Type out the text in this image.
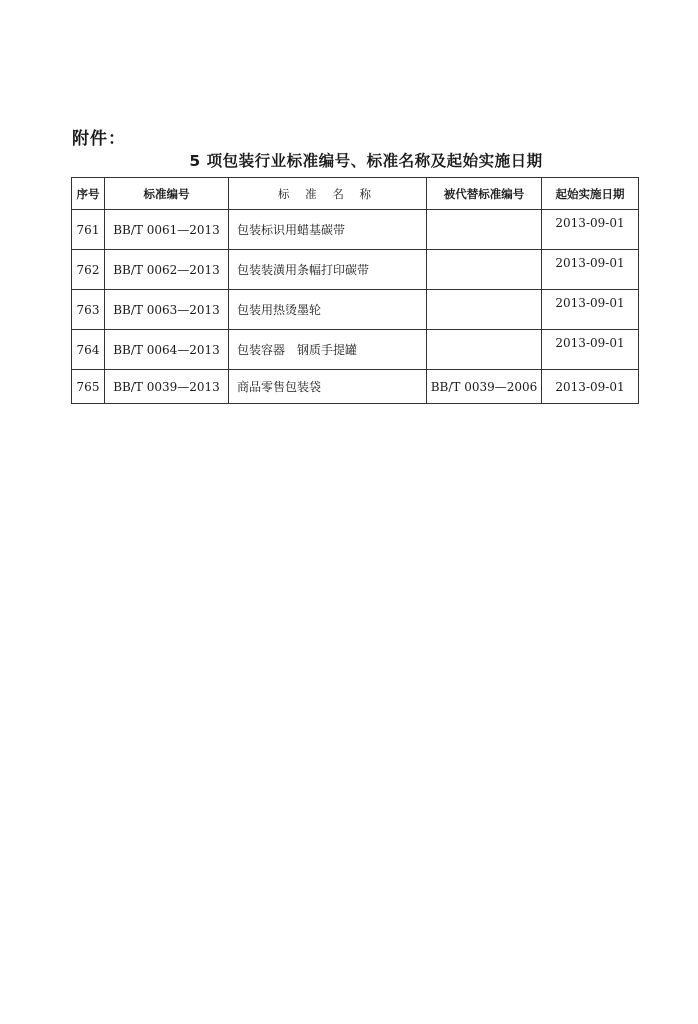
附件：
5 项包装行业标准编号、标准名称及起始实施日期
序号	标准编号	标 准 名 称	被代替标准编号	起始实施日期
761	BB/T 0061—2013	包装标识用蜡基碳带		2013-09-01
762	BB/T 0062—2013	包装装潢用条幅打印碳带		2013-09-01
763	BB/T 0063—2013	包装用热烫墨轮		2013-09-01
764	BB/T 0064—2013	包装容器　钢质手提罐		2013-09-01
765	BB/T 0039—2013	商品零售包装袋	BB/T 0039—2006	2013-09-01
